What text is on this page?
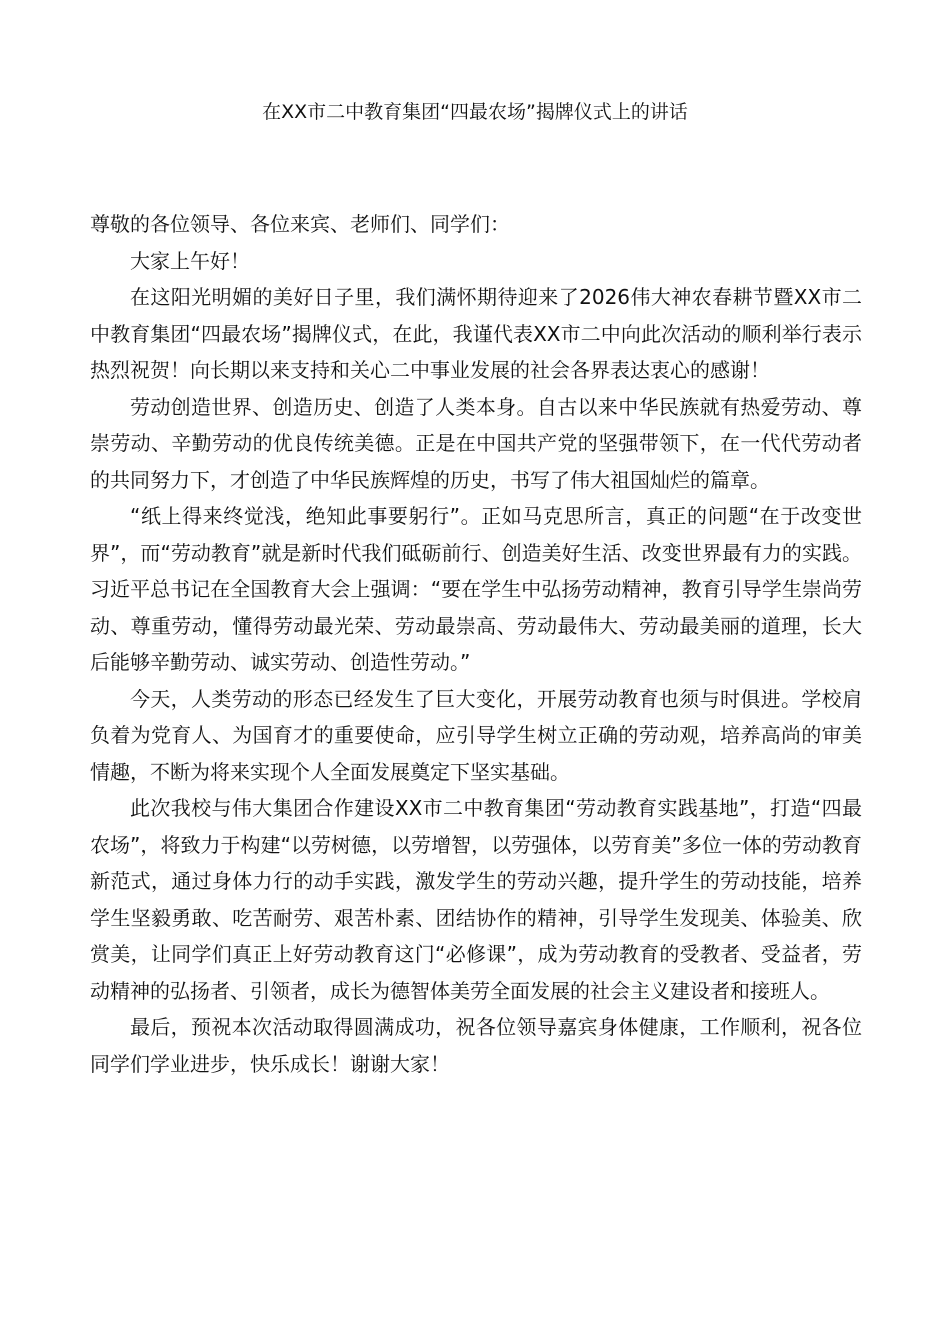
在XX市二中教育集团“四最农场”揭牌仪式上的讲话

尊敬的各位领导、各位来宾、老师们、同学们：

大家上午好！

在这阳光明媚的美好日子里，我们满怀期待迎来了2026伟大神农春耕节暨XX市二中教育集团“四最农场”揭牌仪式，在此，我谨代表XX市二中向此次活动的顺利举行表示热烈祝贺！向长期以来支持和关心二中事业发展的社会各界表达衷心的感谢！

劳动创造世界、创造历史、创造了人类本身。自古以来中华民族就有热爱劳动、尊崇劳动、辛勤劳动的优良传统美德。正是在中国共产党的坚强带领下，在一代代劳动者的共同努力下，才创造了中华民族辉煌的历史，书写了伟大祖国灿烂的篇章。

“纸上得来终觉浅，绝知此事要躬行”。正如马克思所言，真正的问题“在于改变世界”，而“劳动教育”就是新时代我们砥砺前行、创造美好生活、改变世界最有力的实践。习近平总书记在全国教育大会上强调：“要在学生中弘扬劳动精神，教育引导学生崇尚劳动、尊重劳动，懂得劳动最光荣、劳动最崇高、劳动最伟大、劳动最美丽的道理，长大后能够辛勤劳动、诚实劳动、创造性劳动。”

今天，人类劳动的形态已经发生了巨大变化，开展劳动教育也须与时俱进。学校肩负着为党育人、为国育才的重要使命，应引导学生树立正确的劳动观，培养高尚的审美情趣，不断为将来实现个人全面发展奠定下坚实基础。

此次我校与伟大集团合作建设XX市二中教育集团“劳动教育实践基地”，打造“四最农场”，将致力于构建“以劳树德，以劳增智，以劳强体，以劳育美”多位一体的劳动教育新范式，通过身体力行的动手实践，激发学生的劳动兴趣，提升学生的劳动技能，培养学生坚毅勇敢、吃苦耐劳、艰苦朴素、团结协作的精神，引导学生发现美、体验美、欣赏美，让同学们真正上好劳动教育这门“必修课”，成为劳动教育的受教者、受益者，劳动精神的弘扬者、引领者，成长为德智体美劳全面发展的社会主义建设者和接班人。

最后，预祝本次活动取得圆满成功，祝各位领导嘉宾身体健康，工作顺利，祝各位同学们学业进步，快乐成长！谢谢大家！
